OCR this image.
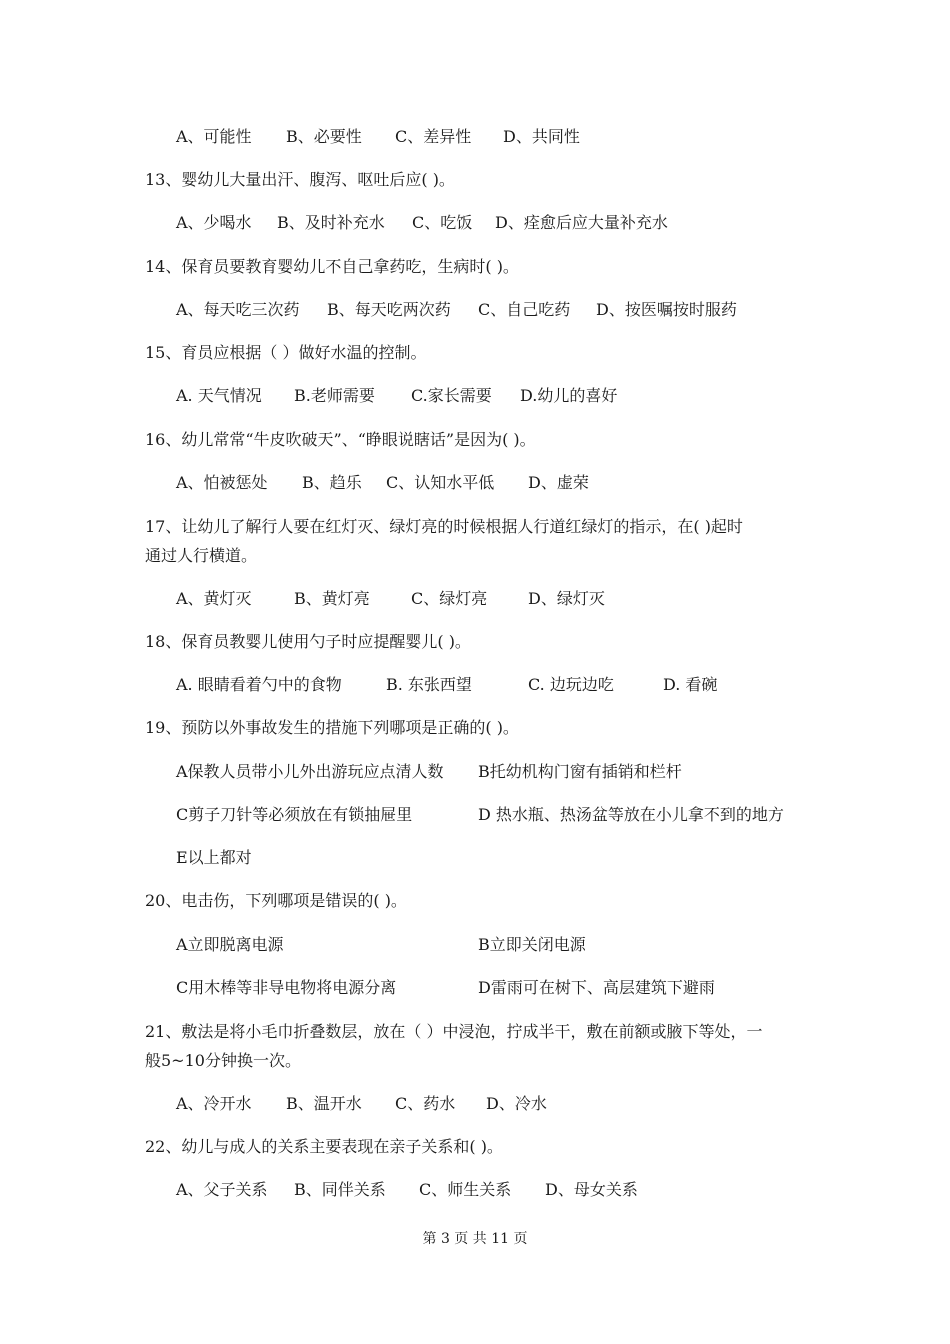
A、可能性 B、必要性 C、差异性 D、共同性
13、婴幼儿大量出汗、腹泻、呕吐后应( )。
A、少喝水 B、及时补充水 C、吃饭 D、痊愈后应大量补充水
14、保育员要教育婴幼儿不自己拿药吃，生病时( )。
A、每天吃三次药 B、每天吃两次药 C、自己吃药 D、按医嘱按时服药
15、育员应根据（ ）做好水温的控制。
A. 天气情况 B.老师需要 C.家长需要 D.幼儿的喜好
16、幼儿常常“牛皮吹破天”、“睁眼说瞎话”是因为( )。
A、怕被惩处 B、趋乐 C、认知水平低 D、虚荣
17、让幼儿了解行人要在红灯灭、绿灯亮的时候根据人行道红绿灯的指示，在( )起时
通过人行横道。
A、黄灯灭	B、黄灯亮	C、绿灯亮	D、绿灯灭
18、保育员教婴儿使用勺子时应提醒婴儿( )。
A. 眼睛看着勺中的食物	B. 东张西望	C. 边玩边吃	D. 看碗
19、预防以外事故发生的措施下列哪项是正确的( )。
A保教人员带小儿外出游玩应点清人数 B托幼机构门窗有插销和栏杆
C剪子刀针等必须放在有锁抽屉里	D 热水瓶、热汤盆等放在小儿拿不到的地方
E以上都对
20、电击伤，下列哪项是错误的( )。
A立即脱离电源	B立即关闭电源
C用木棒等非导电物将电源分离	D雷雨可在树下、高层建筑下避雨
21、敷法是将小毛巾折叠数层，放在（ ）中浸泡，拧成半干，敷在前额或腋下等处，一
般5~10分钟换一次。
A、冷开水 B、温开水 C、药水 D、冷水
22、幼儿与成人的关系主要表现在亲子关系和( )。
A、父子关系 B、同伴关系 C、师生关系 D、母女关系
第 3 页 共 11 页
